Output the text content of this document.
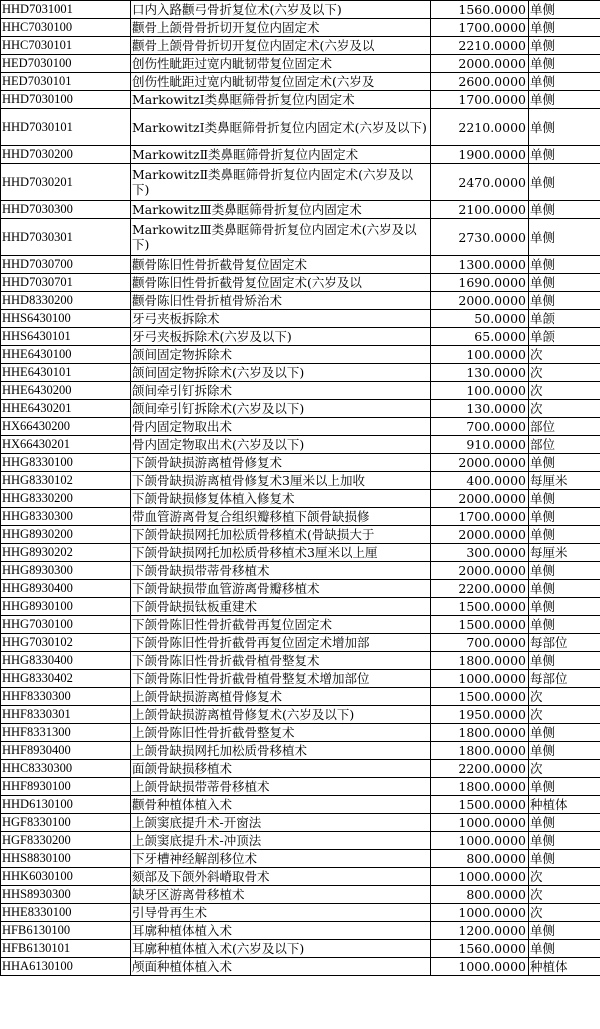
HHD7031001	口内入路颧弓骨折复位术(六岁及以下)	1560.0000	单侧
HHC7030100	颧骨上颌骨骨折切开复位内固定术	1700.0000	单侧
HHC7030101	颧骨上颌骨骨折切开复位内固定术(六岁及以	2210.0000	单侧
HED7030100	创伤性眦距过宽内眦韧带复位固定术	2000.0000	单侧
HED7030101	创伤性眦距过宽内眦韧带复位固定术(六岁及	2600.0000	单侧
HHD7030100	MarkowitzⅠ类鼻眶筛骨折复位内固定术	1700.0000	单侧
HHD7030101	MarkowitzⅠ类鼻眶筛骨折复位内固定术(六岁及以下)	2210.0000	单侧
HHD7030200	MarkowitzⅡ类鼻眶筛骨折复位内固定术	1900.0000	单侧
HHD7030201	MarkowitzⅡ类鼻眶筛骨折复位内固定术(六岁及以下)	2470.0000	单侧
HHD7030300	MarkowitzⅢ类鼻眶筛骨折复位内固定术	2100.0000	单侧
HHD7030301	MarkowitzⅢ类鼻眶筛骨折复位内固定术(六岁及以下)	2730.0000	单侧
HHD7030700	颧骨陈旧性骨折截骨复位固定术	1300.0000	单侧
HHD7030701	颧骨陈旧性骨折截骨复位固定术(六岁及以	1690.0000	单侧
HHD8330200	颧骨陈旧性骨折植骨矫治术	2000.0000	单侧
HHS6430100	牙弓夹板拆除术	50.0000	单颌
HHS6430101	牙弓夹板拆除术(六岁及以下)	65.0000	单颌
HHE6430100	颌间固定物拆除术	100.0000	次
HHE6430101	颌间固定物拆除术(六岁及以下)	130.0000	次
HHE6430200	颌间牵引钉拆除术	100.0000	次
HHE6430201	颌间牵引钉拆除术(六岁及以下)	130.0000	次
HX66430200	骨内固定物取出术	700.0000	部位
HX66430201	骨内固定物取出术(六岁及以下)	910.0000	部位
HHG8330100	下颌骨缺损游离植骨修复术	2000.0000	单侧
HHG8330102	下颌骨缺损游离植骨修复术3厘米以上加收	400.0000	每厘米
HHG8330200	下颌骨缺损修复体植入修复术	2000.0000	单侧
HHG8330300	带血管游离骨复合组织瓣移植下颌骨缺损修	1700.0000	单侧
HHG8930200	下颌骨缺损网托加松质骨移植术(骨缺损大于	2000.0000	单侧
HHG8930202	下颌骨缺损网托加松质骨移植术3厘米以上厘	300.0000	每厘米
HHG8930300	下颌骨缺损带蒂骨移植术	2000.0000	单侧
HHG8930400	下颌骨缺损带血管游离骨瓣移植术	2200.0000	单侧
HHG8930100	下颌骨缺损钛板重建术	1500.0000	单侧
HHG7030100	下颌骨陈旧性骨折截骨再复位固定术	1500.0000	单侧
HHG7030102	下颌骨陈旧性骨折截骨再复位固定术增加部	700.0000	每部位
HHG8330400	下颌骨陈旧性骨折截骨植骨整复术	1800.0000	单侧
HHG8330402	下颌骨陈旧性骨折截骨植骨整复术增加部位	1000.0000	每部位
HHF8330300	上颌骨缺损游离植骨修复术	1500.0000	次
HHF8330301	上颌骨缺损游离植骨修复术(六岁及以下)	1950.0000	次
HHF8331300	上颌骨陈旧性骨折截骨整复术	1800.0000	单侧
HHF8930400	上颌骨缺损网托加松质骨移植术	1800.0000	单侧
HHC8330300	面颌骨缺损移植术	2200.0000	次
HHF8930100	上颌骨缺损带蒂骨移植术	1800.0000	单侧
HHD6130100	颧骨种植体植入术	1500.0000	种植体
HGF8330100	上颌窦底提升术-开窗法	1000.0000	单侧
HGF8330200	上颌窦底提升术-冲顶法	1000.0000	单侧
HHS8830100	下牙槽神经解剖移位术	800.0000	单侧
HHK6030100	颏部及下颌外斜嵴取骨术	1000.0000	次
HHS8930300	缺牙区游离骨移植术	800.0000	次
HHE8330100	引导骨再生术	1000.0000	次
HFB6130100	耳廓种植体植入术	1200.0000	单侧
HFB6130101	耳廓种植体植入术(六岁及以下)	1560.0000	单侧
HHA6130100	颅面种植体植入术	1000.0000	种植体
